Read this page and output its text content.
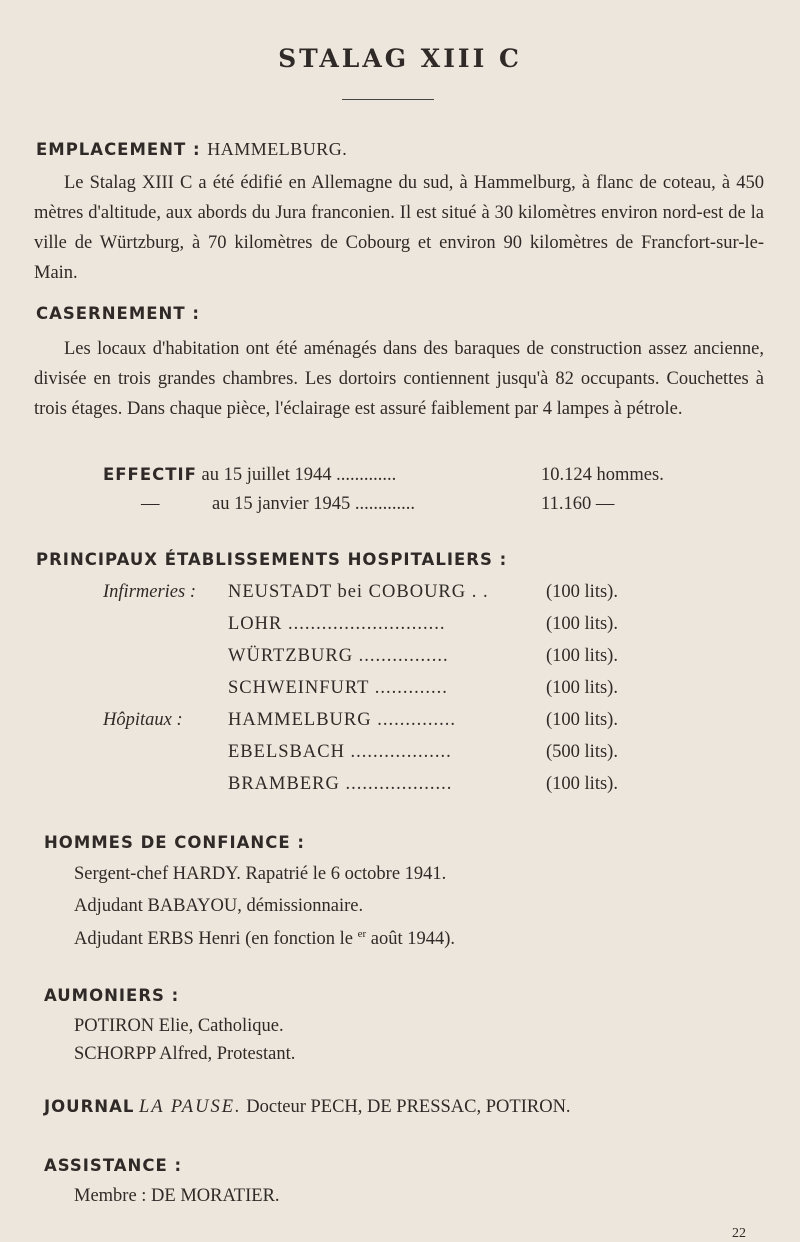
STALAG XIII C
EMPLACEMENT : HAMMELBURG.
Le Stalag XIII C a été édifié en Allemagne du sud, à Hammelburg, à flanc de coteau, à 450 mètres d'altitude, aux abords du Jura franconien. Il est situé à 30 kilomètres environ nord-est de la ville de Würtzburg, à 70 kilomètres de Cobourg et environ 90 kilomètres de Francfort-sur-le-Main.
CASERNEMENT :
Les locaux d'habitation ont été aménagés dans des baraques de construction assez ancienne, divisée en trois grandes chambres. Les dortoirs contiennent jusqu'à 82 occupants. Couchettes à trois étages. Dans chaque pièce, l'éclairage est assuré faiblement par 4 lampes à pétrole.
EFFECTIF au 15 juillet 1944 .............	10.124 hommes.
—	au 15 janvier 1945 .............	11.160 —
PRINCIPAUX ÉTABLISSEMENTS HOSPITALIERS :
Infirmeries : NEUSTADT bei COBOURG . .	(100 lits).
LOHR ............................	(100 lits).
WÜRTZBURG ................	(100 lits).
SCHWEINFURT .............	(100 lits).
Hôpitaux : HAMMELBURG ..............	(100 lits).
EBELSBACH ..................	(500 lits).
BRAMBERG ...................	(100 lits).
HOMMES DE CONFIANCE :
Sergent-chef HARDY. Rapatrié le 6 octobre 1941.
Adjudant BABAYOU, démissionnaire.
Adjudant ERBS Henri (en fonction le $^{er}$ août 1944).
AUMONIERS :
POTIRON Elie, Catholique.
SCHORPP Alfred, Protestant.
JOURNAL LA PAUSE. Docteur PECH, DE PRESSAC, POTIRON.
ASSISTANCE :
Membre : DE MORATIER.
22
